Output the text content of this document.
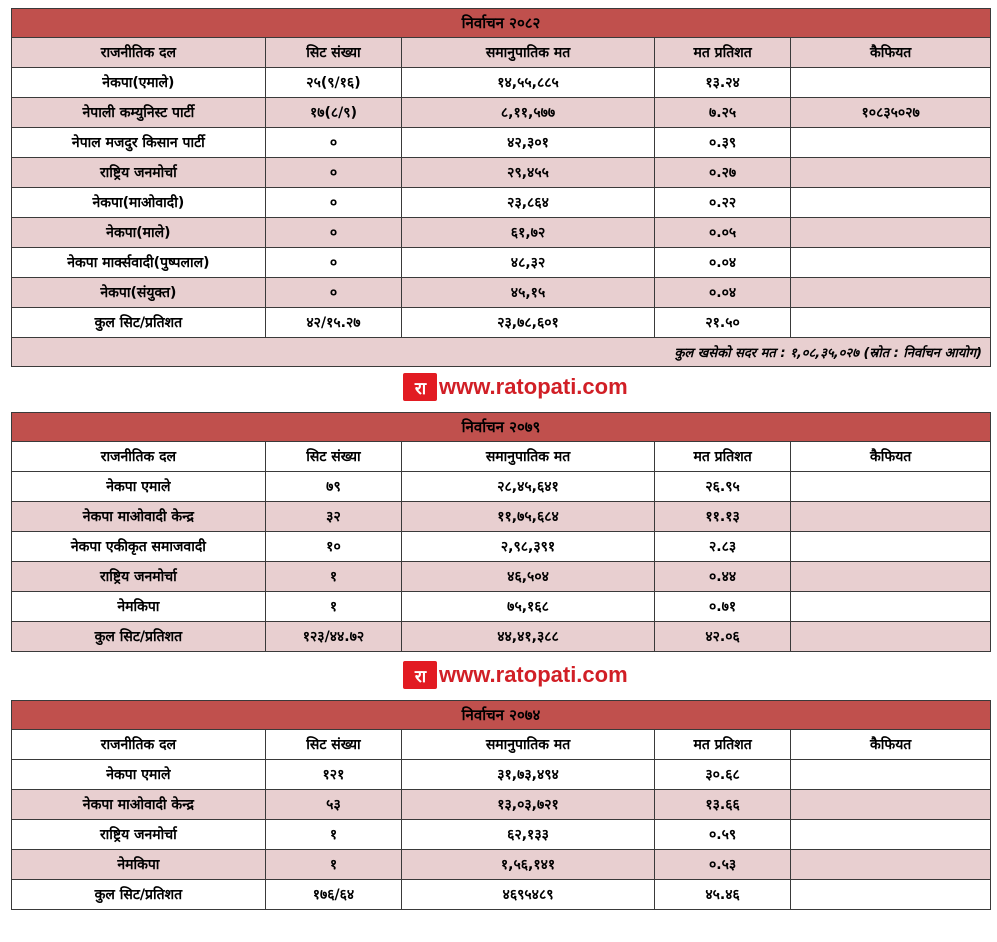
निर्वाचन २०८२				
राजनीतिक दल	सिट संख्या	समानुपातिक मत	मत प्रतिशत	कैफियत
नेकपा(एमाले)	२५(९/१६)	१४,५५,८८५	१३.२४	
नेपाली कम्युनिस्ट पार्टी	१७(८/९)	८,११,५७७	७.२५	१०८३५०२७
नेपाल मजदुर किसान पार्टी	०	४२,३०१	०.३९	
राष्ट्रिय जनमोर्चा	०	२९,४५५	०.२७	
नेकपा(माओवादी)	०	२३,८६४	०.२२	
नेकपा(माले)	०	६१,७२	०.०५	
नेकपा मार्क्सवादी(पुष्पलाल)	०	४८,३२	०.०४	
नेकपा(संयुक्त)	०	४५,१५	०.०४	
कुल सिट/प्रतिशत	४२/१५.२७	२३,७८,६०१	२१.५०	
कुल खसेको सदर मत : १,०८,३५,०२७ (स्रोत : निर्वाचन आयोग)				
रा www.ratopati.com
निर्वाचन २०७९				
राजनीतिक दल	सिट संख्या	समानुपातिक मत	मत प्रतिशत	कैफियत
नेकपा एमाले	७९	२८,४५,६४१	२६.९५	
नेकपा माओवादी केन्द्र	३२	११,७५,६८४	११.१३	
नेकपा एकीकृत समाजवादी	१०	२,९८,३९१	२.८३	
राष्ट्रिय जनमोर्चा	१	४६,५०४	०.४४	
नेमकिपा	१	७५,१६८	०.७१	
कुल सिट/प्रतिशत	१२३/४४.७२	४४,४१,३८८	४२.०६	
रा www.ratopati.com
निर्वाचन २०७४				
राजनीतिक दल	सिट संख्या	समानुपातिक मत	मत प्रतिशत	कैफियत
नेकपा एमाले	१२१	३१,७३,४९४	३०.६८	
नेकपा माओवादी केन्द्र	५३	१३,०३,७२१	१३.६६	
राष्ट्रिय जनमोर्चा	१	६२,१३३	०.५९	
नेमकिपा	१	१,५६,१४१	०.५३	
कुल सिट/प्रतिशत	१७६/६४	४६९५४८९	४५.४६	
